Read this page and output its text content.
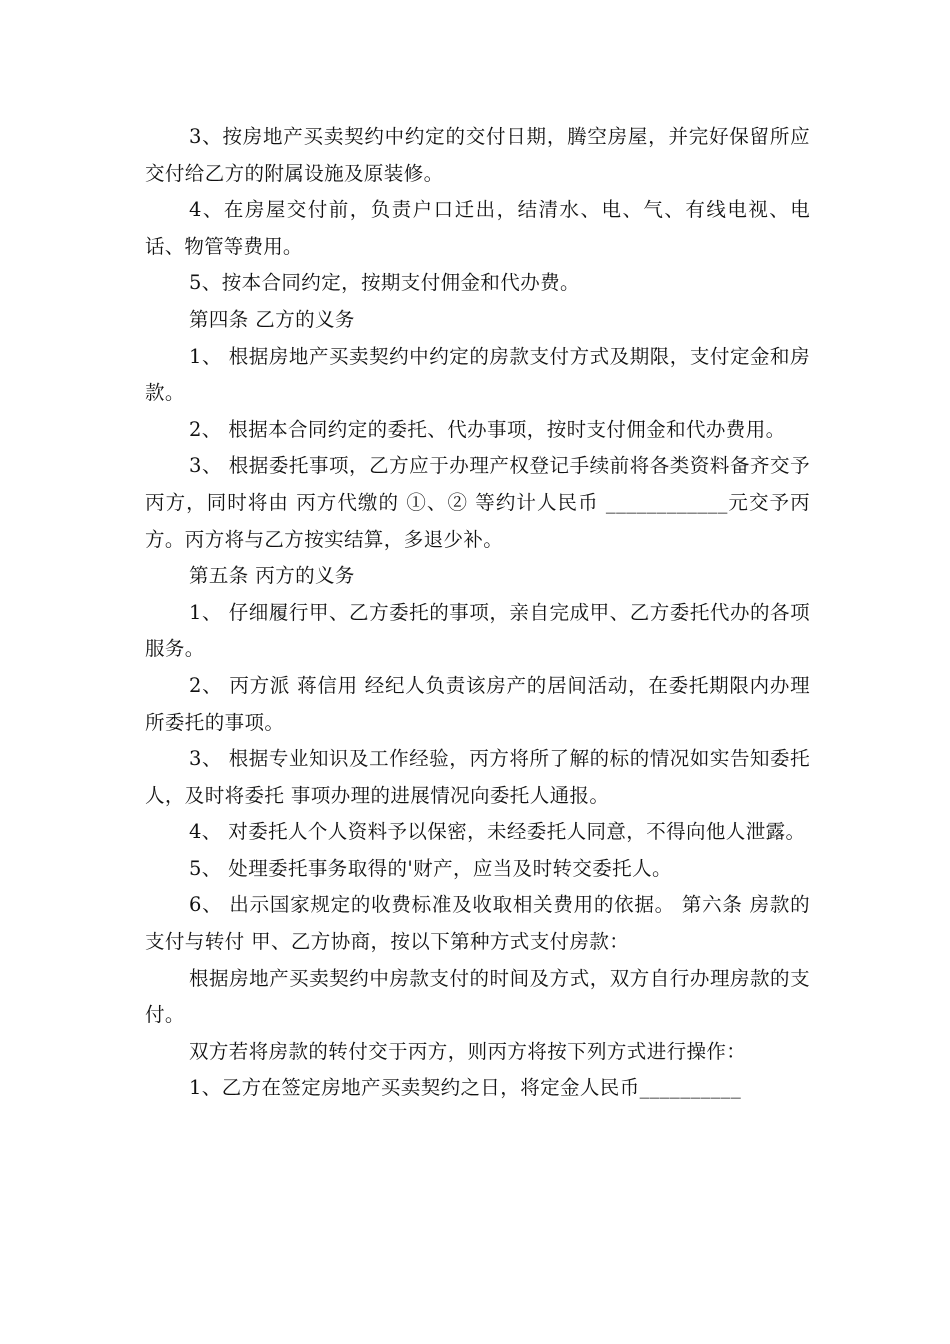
3、按房地产买卖契约中约定的交付日期，腾空房屋，并完好保留所应交付给乙方的附属设施及原装修。

4、在房屋交付前，负责户口迁出，结清水、电、气、有线电视、电话、物管等费用。

5、按本合同约定，按期支付佣金和代办费。

第四条 乙方的义务

1、 根据房地产买卖契约中约定的房款支付方式及期限，支付定金和房款。

2、 根据本合同约定的委托、代办事项，按时支付佣金和代办费用。

3、 根据委托事项，乙方应于办理产权登记手续前将各类资料备齐交予丙方，同时将由 丙方代缴的 ①、② 等约计人民币 ____________元交予丙方。丙方将与乙方按实结算，多退少补。

第五条 丙方的义务

1、 仔细履行甲、乙方委托的事项，亲自完成甲、乙方委托代办的各项服务。

2、 丙方派 蒋信用 经纪人负责该房产的居间活动，在委托期限内办理所委托的事项。

3、 根据专业知识及工作经验，丙方将所了解的标的情况如实告知委托人，及时将委托 事项办理的进展情况向委托人通报。

4、 对委托人个人资料予以保密，未经委托人同意，不得向他人泄露。

5、 处理委托事务取得的'财产，应当及时转交委托人。

6、 出示国家规定的收费标准及收取相关费用的依据。 第六条 房款的支付与转付 甲、乙方协商，按以下第种方式支付房款：

根据房地产买卖契约中房款支付的时间及方式，双方自行办理房款的支付。

双方若将房款的转付交于丙方，则丙方将按下列方式进行操作：

1、乙方在签定房地产买卖契约之日，将定金人民币__________
